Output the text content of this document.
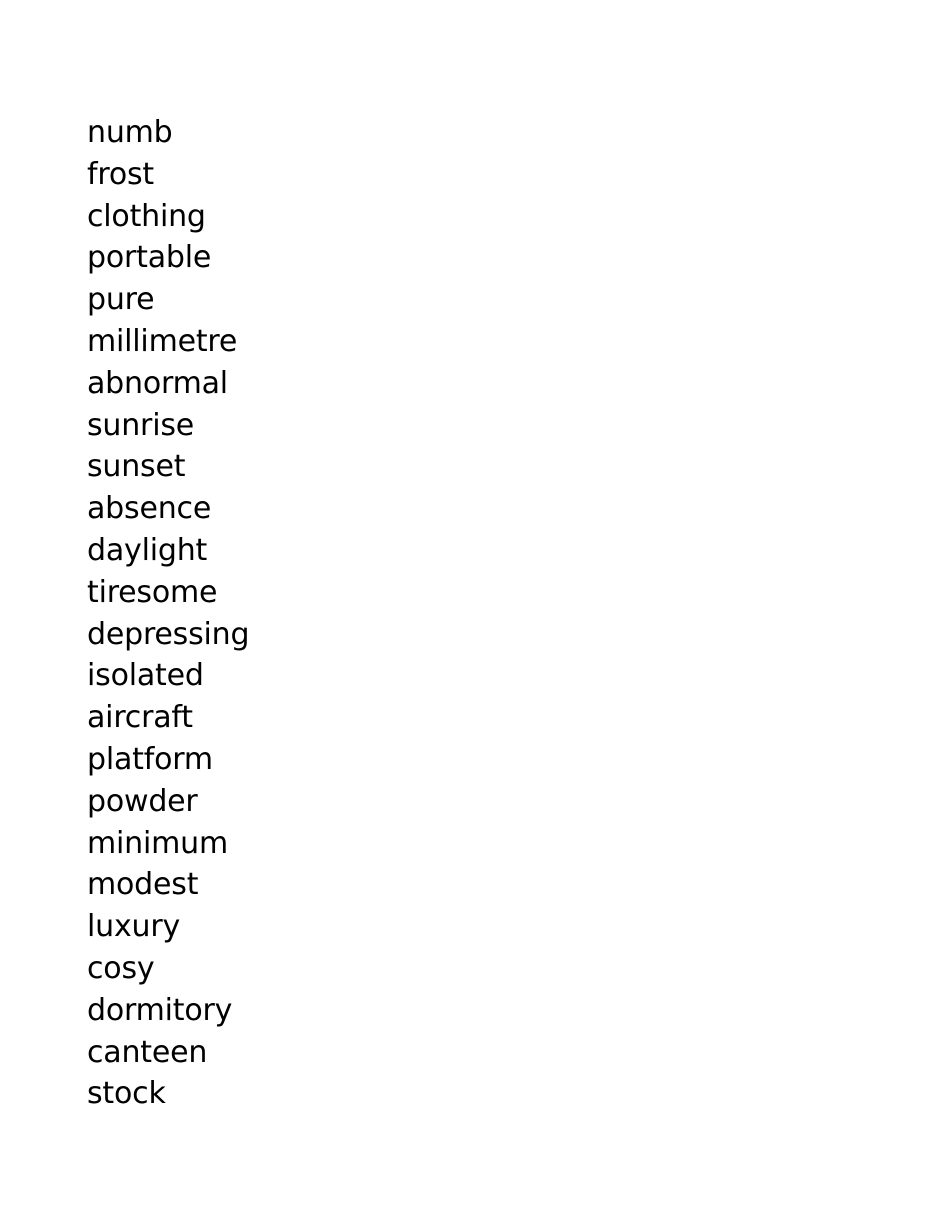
numb
frost
clothing
portable
pure
millimetre
abnormal
sunrise
sunset
absence
daylight
tiresome
depressing
isolated
aircraft
platform
powder
minimum
modest
luxury
cosy
dormitory
canteen
stock
